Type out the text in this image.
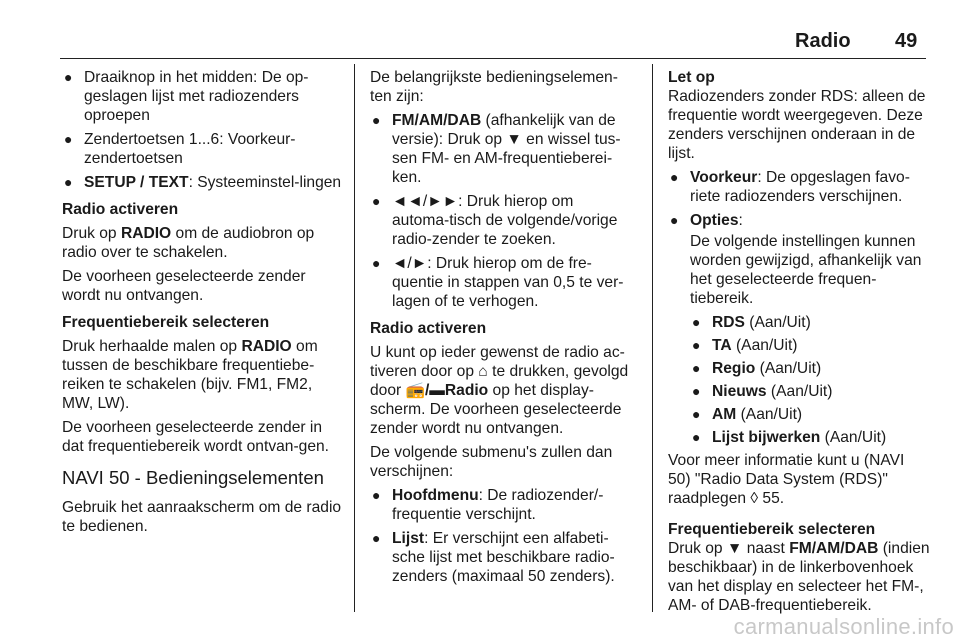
Radio 49
● Draaiknop in het midden: De op-geslagen lijst met radiozenders oproepen
● Zendertoetsen 1...6: Voorkeur-zendertoetsen
● SETUP / TEXT: Systeeminstel-lingen

Radio activeren

Druk op RADIO om de audiobron op radio over te schakelen.

De voorheen geselecteerde zender wordt nu ontvangen.

Frequentiebereik selecteren

Druk herhaalde malen op RADIO om tussen de beschikbare frequentiebe-reiken te schakelen (bijv. FM1, FM2, MW, LW).

De voorheen geselecteerde zender in dat frequentiebereik wordt ontvan-gen.

NAVI 50 - Bedieningselementen

Gebruik het aanraakscherm om de radio te bedienen.

De belangrijkste bedieningselemen-ten zijn:

● FM/AM/DAB (afhankelijk van de versie): Druk op ▼ en wissel tus-sen FM- en AM-frequentieberei-ken.
● ◄◄/►►: Druk hierop om automa-tisch de volgende/vorige radio-zender te zoeken.
● ◄/►: Druk hierop om de fre-quentie in stappen van 0,5 te ver-lagen of te verhogen.

Radio activeren

U kunt op ieder gewenst de radio ac-tiveren door op ⌂ te drukken, gevolgd door 📻/▬Radio op het display-scherm. De voorheen geselecteerde zender wordt nu ontvangen.

De volgende submenu's zullen dan verschijnen:

● Hoofdmenu: De radiozender/-frequentie verschijnt.
● Lijst: Er verschijnt een alfabeti-sche lijst met beschikbare radio-zenders (maximaal 50 zenders).

Let op

Radiozenders zonder RDS: alleen de frequentie wordt weergegeven. Deze zenders verschijnen onderaan in de lijst.

● Voorkeur: De opgeslagen favo-riete radiozenders verschijnen.
● Opties:

De volgende instellingen kunnen worden gewijzigd, afhankelijk van het geselecteerde frequen-tiebereik.

● RDS (Aan/Uit)
● TA (Aan/Uit)
● Regio (Aan/Uit)
● Nieuws (Aan/Uit)
● AM (Aan/Uit)
● Lijst bijwerken (Aan/Uit)

Voor meer informatie kunt u (NAVI 50) "Radio Data System (RDS)" raadplegen ◊ 55.

Frequentiebereik selecteren

Druk op ▼ naast FM/AM/DAB (indien beschikbaar) in de linkerbovenhoek van het display en selecteer het FM-, AM- of DAB-frequentiebereik.

carmanualsonline.info
